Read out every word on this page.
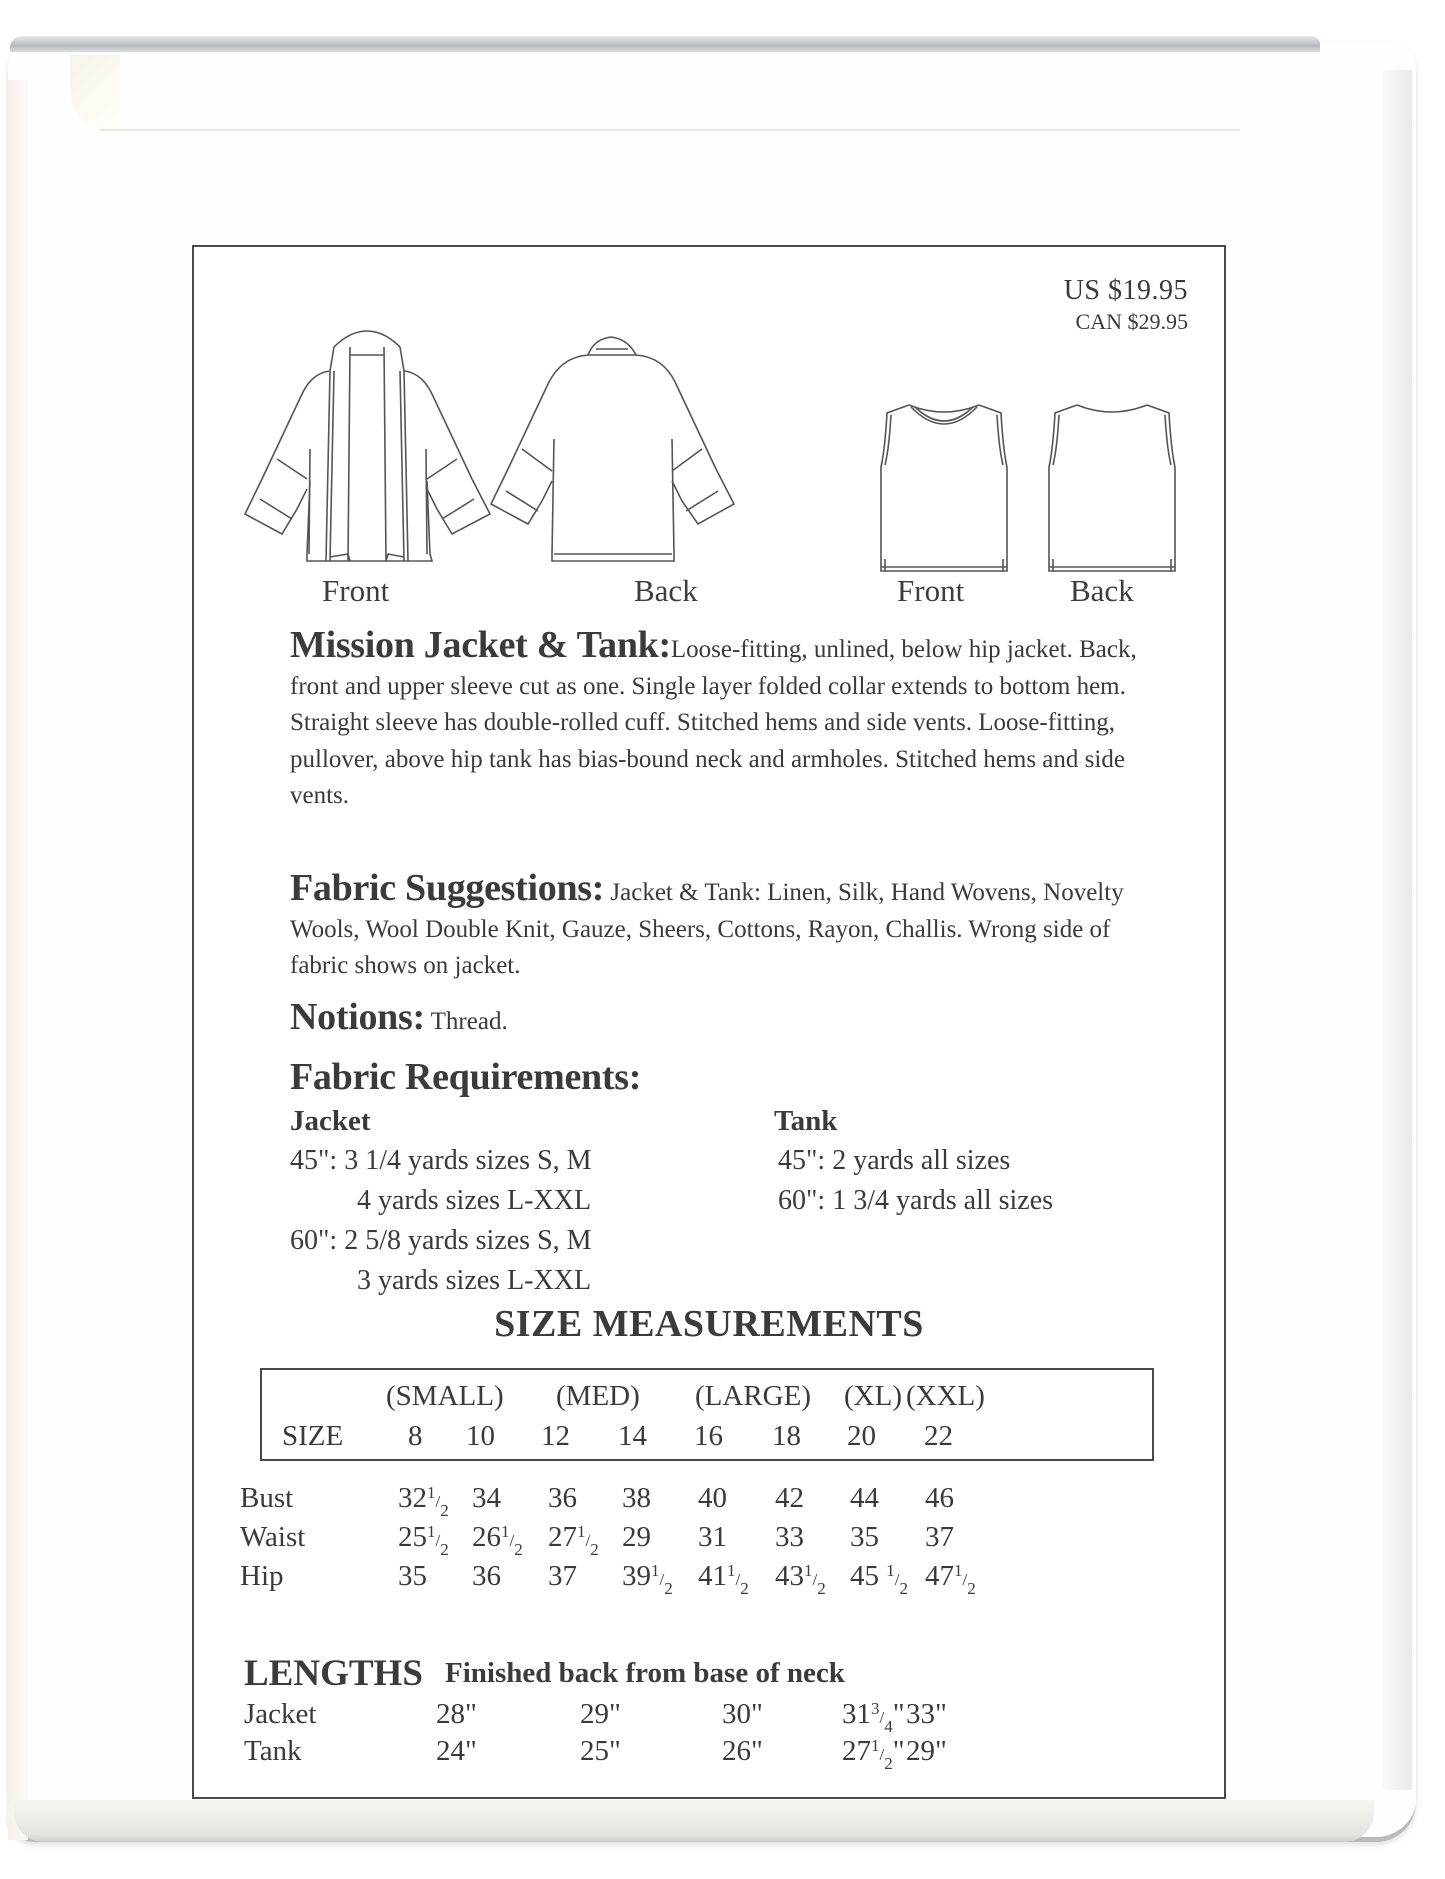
US $19.95
CAN $29.95
Front	Back	Front	Back
Mission Jacket & Tank:Loose-fitting, unlined, below hip jacket. Back, front and upper sleeve cut as one. Single layer folded collar extends to bottom hem. Straight sleeve has double-rolled cuff. Stitched hems and side vents. Loose-fitting, pullover, above hip tank has bias-bound neck and armholes. Stitched hems and side vents.
Fabric Suggestions: Jacket & Tank: Linen, Silk, Hand Wovens, Novelty Wools, Wool Double Knit, Gauze, Sheers, Cottons, Rayon, Challis. Wrong side of fabric shows on jacket.
Notions: Thread.
Fabric Requirements:
Jacket
45": 3 1/4 yards sizes S, M
4 yards sizes L-XXL
60": 2 5/8 yards sizes S, M
3 yards sizes L-XXL
Tank
45": 2 yards all sizes
60": 1 3/4 yards all sizes
SIZE MEASUREMENTS
(SMALL) (MED) (LARGE) (XL) (XXL)
SIZE 8 10 12 14 16 18 20 22
Bust	321/2 34 36 38 40 42 44 46
Waist	251/2 261/2 271/2 29 31 33 35 37
Hip	35 36 37 391/2 411/2 431/2 45 1/2 471/2
LENGTHS Finished back from base of neck
Jacket	28"	29"	30"	313/4" 33"
Tank	24"	25"	26"	271/2" 29"
